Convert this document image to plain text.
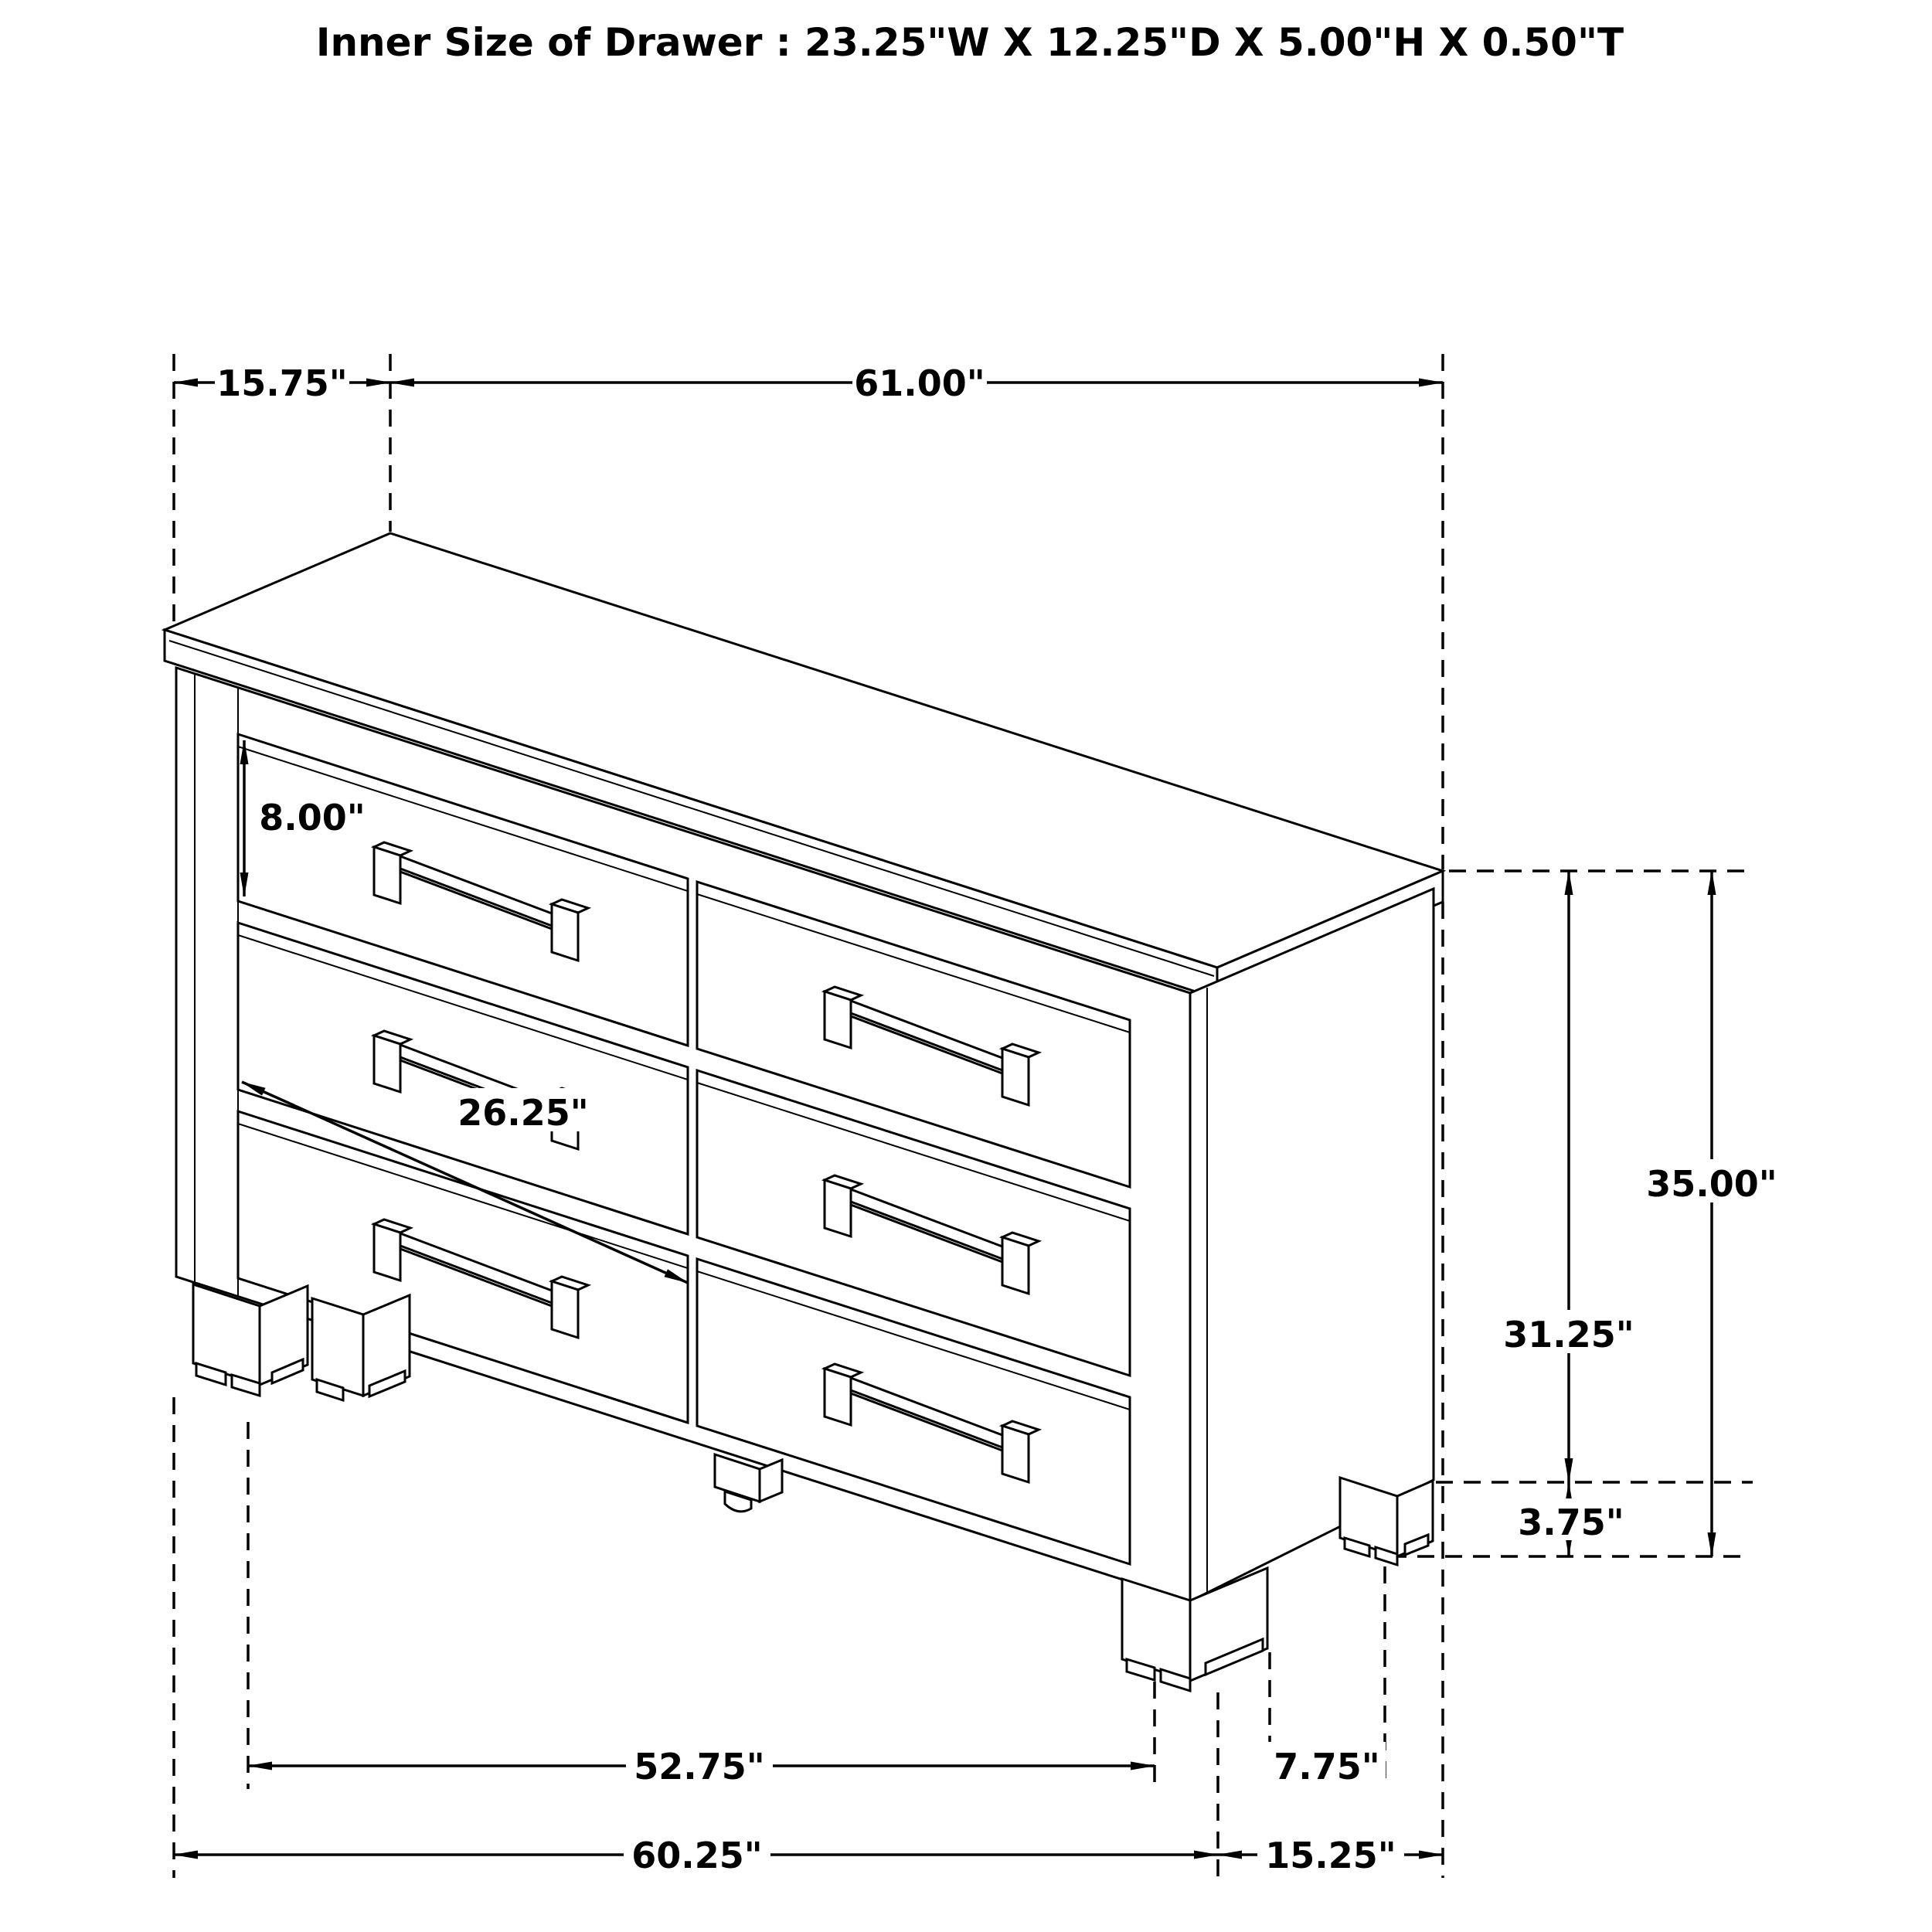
15.75"	61.00"
8.00"
26.25"
35.00"
31.25"
3.75"
52.75"	7.75"
60.25"	15.25"
Inner Size of Drawer : 23.25"W X 12.25"D X 5.00"H X 0.50"T
